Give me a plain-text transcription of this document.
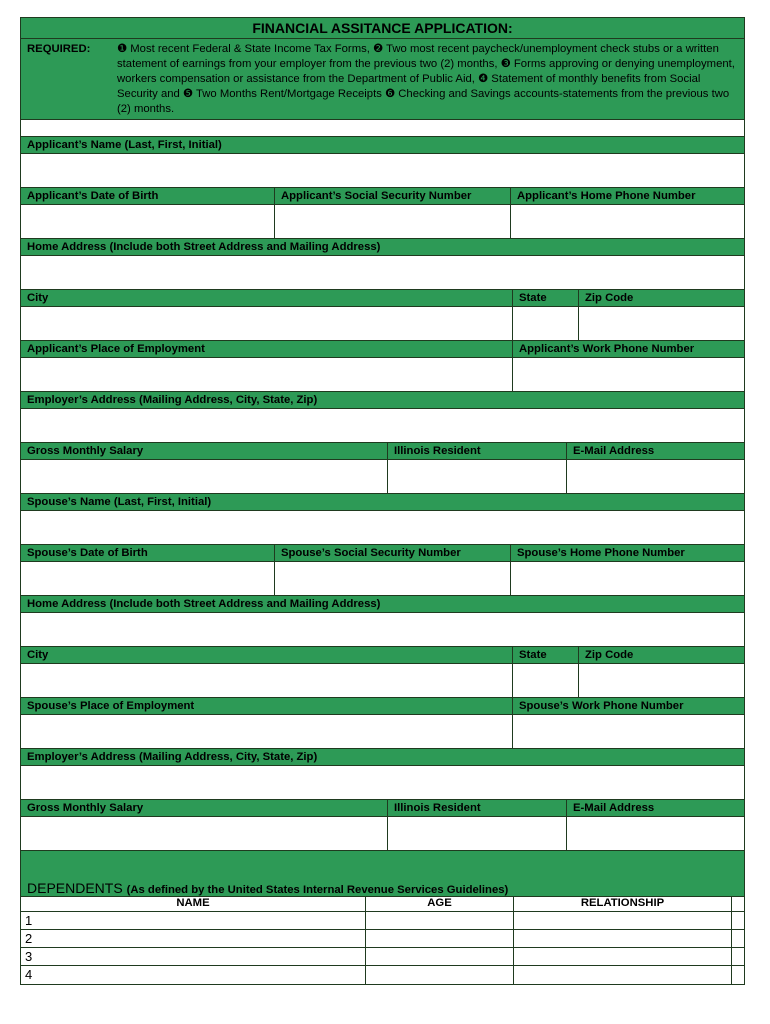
FINANCIAL ASSITANCE APPLICATION:
REQUIRED:	❶ Most recent Federal & State Income Tax Forms, ❷ Two most recent paycheck/unemployment check stubs or a written statement of earnings from your employer from the previous two (2) months, ❸ Forms approving or denying unemployment, workers compensation or assistance from the Department of Public Aid, ❹ Statement of monthly benefits from Social Security and ❺ Two Months Rent/Mortgage Receipts ❻ Checking and Savings accounts-statements from the previous two (2) months.
Applicant’s Name (Last, First, Initial)
Applicant’s Date of Birth	Applicant’s Social Security Number	Applicant’s Home Phone Number
Home Address (Include both Street Address and Mailing Address)
City	State	Zip Code
Applicant’s Place of Employment	Applicant’s Work Phone Number
Employer’s Address (Mailing Address, City, State, Zip)
Gross Monthly Salary	Illinois Resident	E-Mail Address
Spouse’s Name (Last, First, Initial)
Spouse’s Date of Birth	Spouse’s Social Security Number	Spouse’s Home Phone Number
Home Address (Include both Street Address and Mailing Address)
City	State	Zip Code
Spouse’s Place of Employment	Spouse’s Work Phone Number
Employer’s Address (Mailing Address, City, State, Zip)
Gross Monthly Salary	Illinois Resident	E-Mail Address
DEPENDENTS (As defined by the United States Internal Revenue Services Guidelines)
NAME	AGE	RELATIONSHIP
1
2
3
4
